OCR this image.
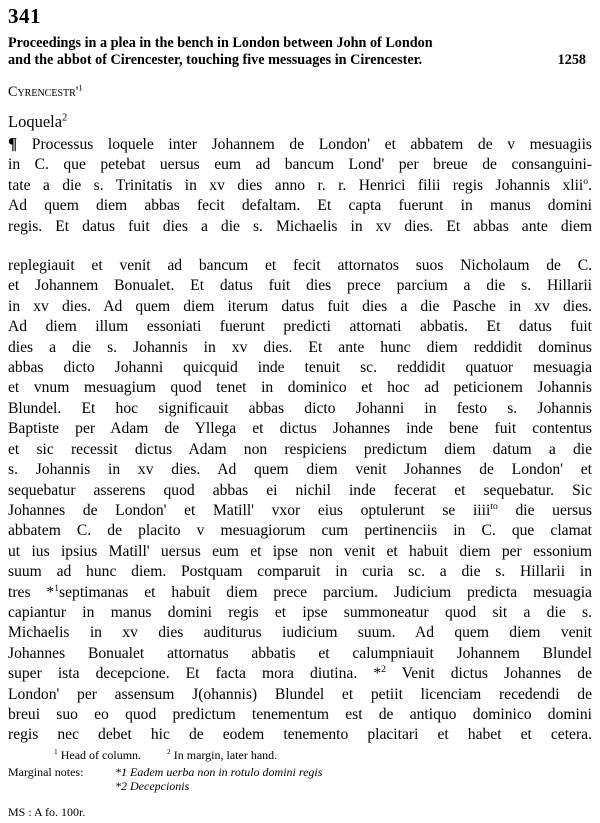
341
Proceedings in a plea in the bench in London between John of London
and the abbot of Cirencester, touching five messuages in Cirencester.	1258
$Cyrencestr'^1$
Loquela$^2$
¶ Processus loquele inter Johannem de London' et abbatem de v mesuagiis
in C. que petebat uersus eum ad bancum Lond' per breue de consanguini-
tate a die s. Trinitatis in xv dies anno r. r. Henrici filii regis Johannis xlii$^o$.
Ad quem diem abbas fecit defaltam. Et capta fuerunt in manus domini
regis. Et datus fuit dies a die s. Michaelis in xv dies. Et abbas ante diem
replegiauit et venit ad bancum et fecit attornatos suos Nicholaum de C.
et Johannem Bonualet. Et datus fuit dies prece parcium a die s. Hillarii
in xv dies. Ad quem diem iterum datus fuit dies a die Pasche in xv dies.
Ad diem illum essoniati fuerunt predicti attornati abbatis. Et datus fuit
dies a die s. Johannis in xv dies. Et ante hunc diem reddidit dominus
abbas dicto Johanni quicquid inde tenuit sc. reddidit quatuor mesuagia
et vnum mesuagium quod tenet in dominico et hoc ad peticionem Johannis
Blundel. Et hoc significauit abbas dicto Johanni in festo s. Johannis
Baptiste per Adam de Yllega et dictus Johannes inde bene fuit contentus
et sic recessit dictus Adam non respiciens predictum diem datum a die
s. Johannis in xv dies. Ad quem diem venit Johannes de London' et
sequebatur asserens quod abbas ei nichil inde fecerat et sequebatur. Sic
Johannes de London' et Matill' vxor eius optulerunt se iiii$^{to}$ die uersus
abbatem C. de placito v mesuagiorum cum pertinenciis in C. que clamat
ut ius ipsius Matill' uersus eum et ipse non venit et habuit diem per essonium
suum ad hunc diem. Postquam comparuit in curia sc. a die s. Hillarii in
tres *$^1$septimanas et habuit diem prece parcium. Judicium predicta mesuagia
capiantur in manus domini regis et ipse summoneatur quod sit a die s.
Michaelis in xv dies auditurus iudicium suum. Ad quem diem venit
Johannes Bonualet attornatus abbatis et calumpniauit Johannem Blundel
super ista decepcione. Et facta mora diutina. *$^2$ Venit dictus Johannes de
London' per assensum J(ohannis) Blundel et petiit licenciam recedendi de
breui suo eo quod predictum tenementum est de antiquo dominico domini
regis nec debet hic de eodem tenemento placitari et habet et cetera.
$^1$ Head of column.	$^2$ In margin, later hand.
Marginal notes:	*1 Eadem uerba non in rotulo domini regis
*2 Decepcionis
MS : A fo. 100r.
